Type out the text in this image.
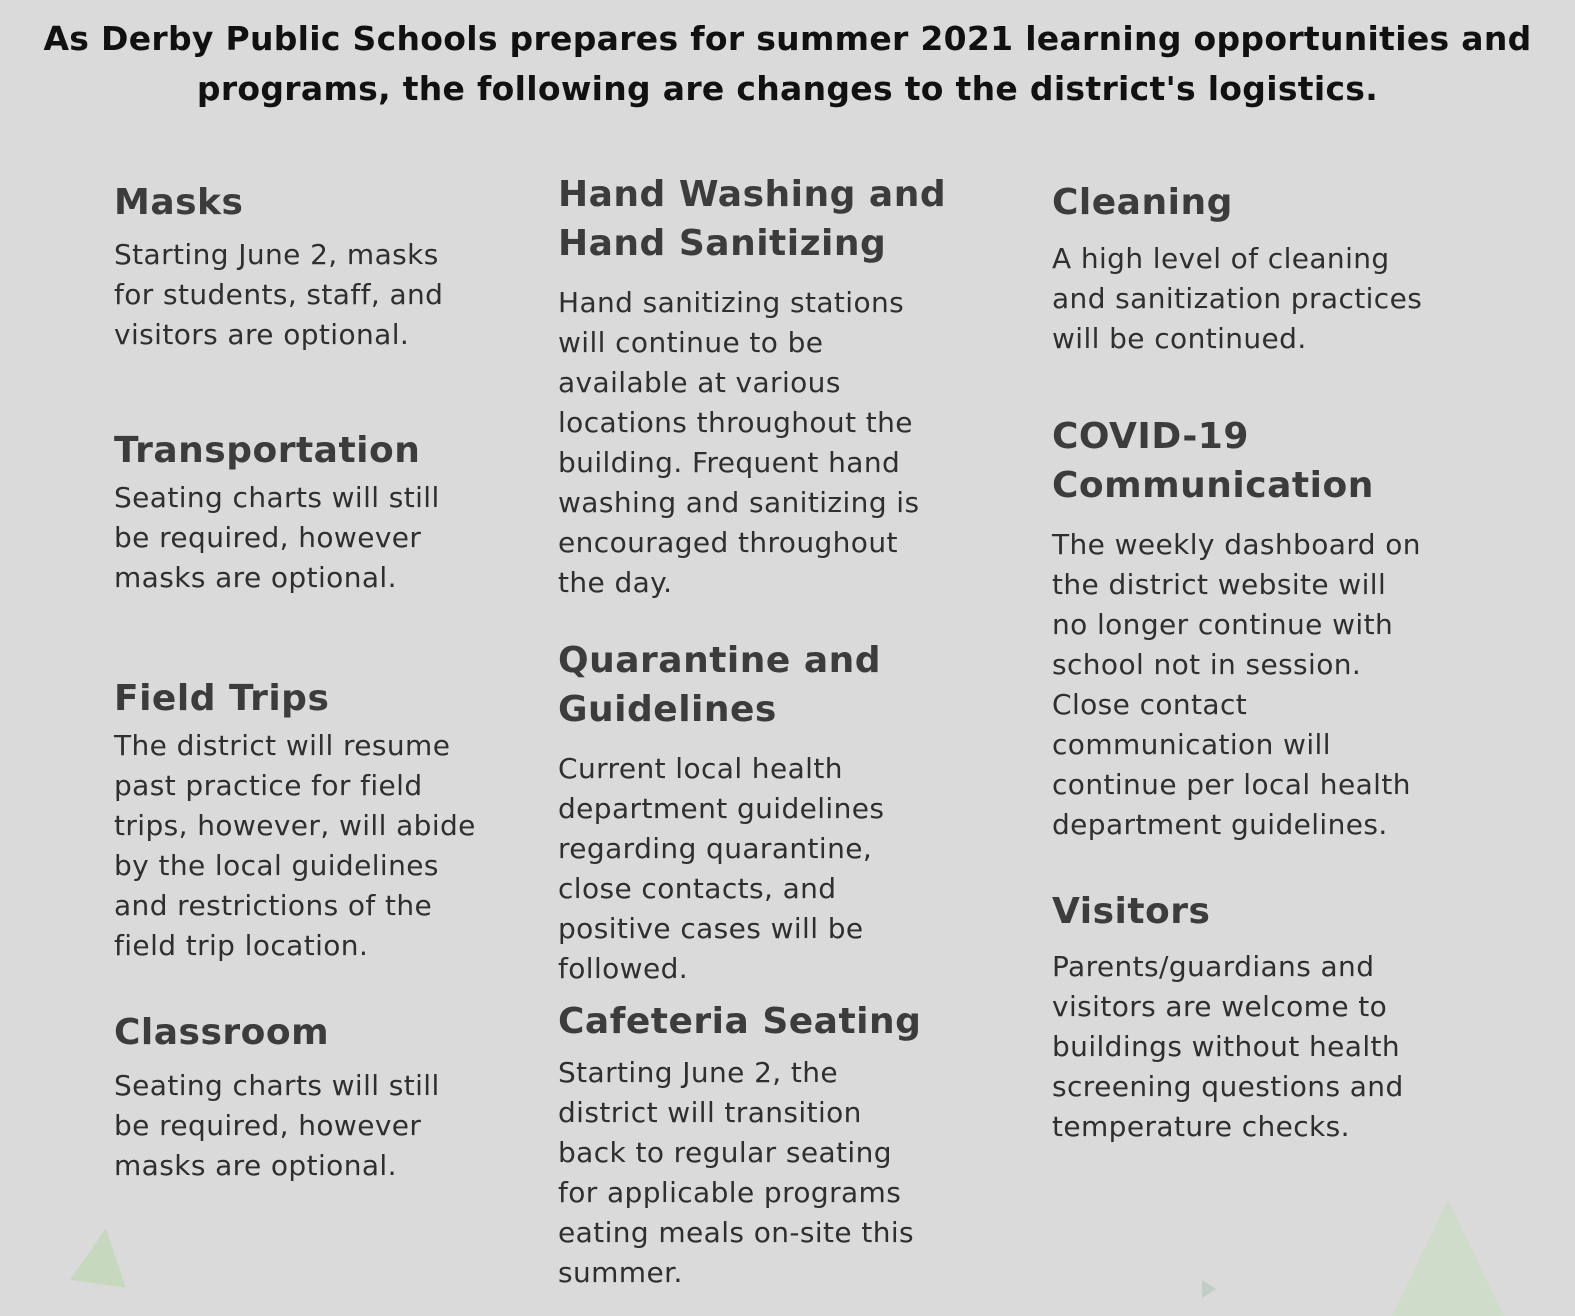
As Derby Public Schools prepares for summer 2021 learning opportunities and
programs, the following are changes to the district's logistics.
Masks

Starting June 2, masks
for students, staff, and
visitors are optional.

Transportation

Seating charts will still
be required, however
masks are optional.

Field Trips

The district will resume
past practice for field
trips, however, will abide
by the local guidelines
and restrictions of the
field trip location.

Classroom

Seating charts will still
be required, however
masks are optional.

Hand Washing and
Hand Sanitizing

Hand sanitizing stations
will continue to be
available at various
locations throughout the
building. Frequent hand
washing and sanitizing is
encouraged throughout
the day.

Quarantine and
Guidelines

Current local health
department guidelines
regarding quarantine,
close contacts, and
positive cases will be
followed.

Cafeteria Seating

Starting June 2, the
district will transition
back to regular seating
for applicable programs
eating meals on-site this
summer.

Cleaning

A high level of cleaning
and sanitization practices
will be continued.

COVID-19
Communication

The weekly dashboard on
the district website will
no longer continue with
school not in session.
Close contact
communication will
continue per local health
department guidelines.

Visitors

Parents/guardians and
visitors are welcome to
buildings without health
screening questions and
temperature checks.
